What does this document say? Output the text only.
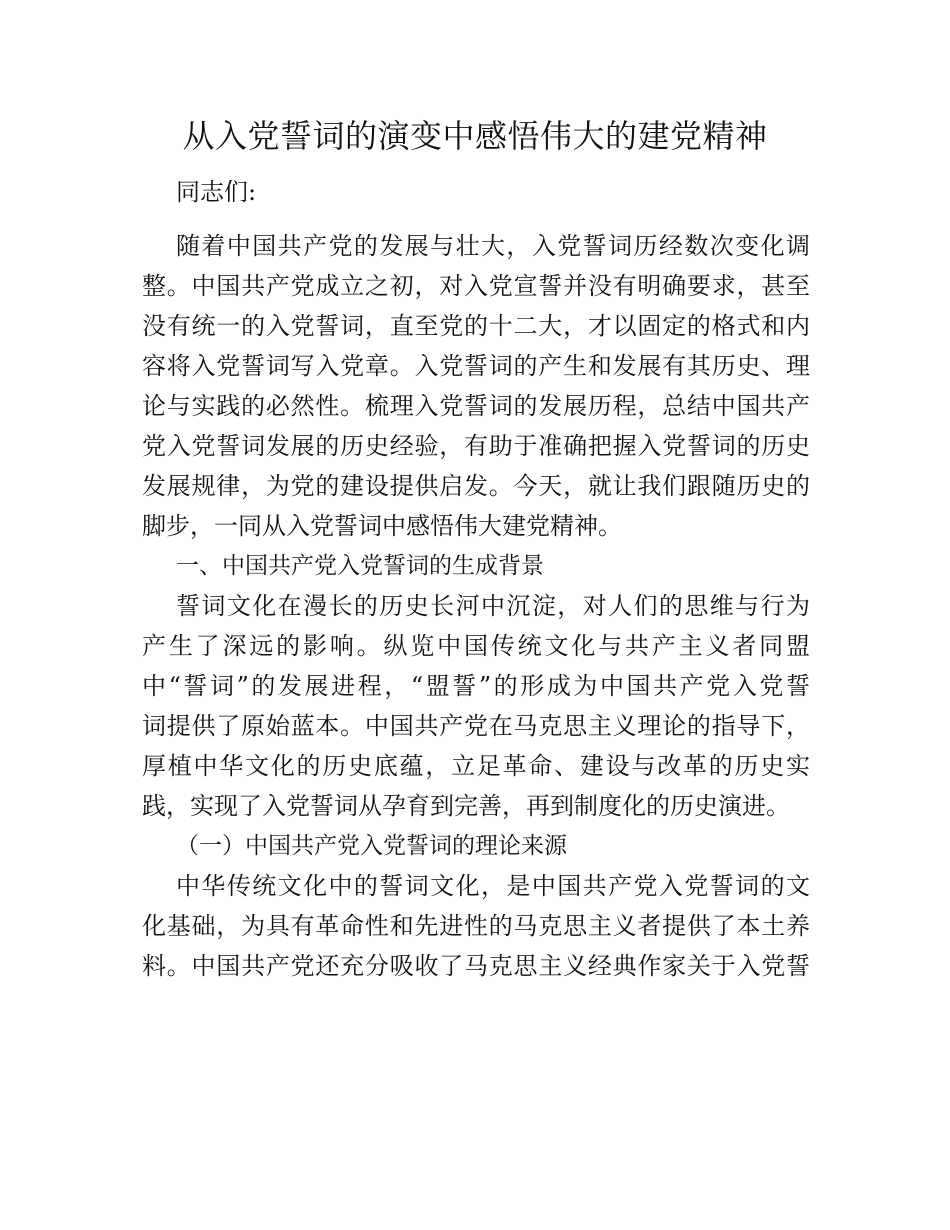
从入党誓词的演变中感悟伟大的建党精神
同志们:
随着中国共产党的发展与壮大，入党誓词历经数次变化调
整。中国共产党成立之初，对入党宣誓并没有明确要求，甚至
没有统一的入党誓词，直至党的十二大，才以固定的格式和内
容将入党誓词写入党章。入党誓词的产生和发展有其历史、理
论与实践的必然性。梳理入党誓词的发展历程，总结中国共产
党入党誓词发展的历史经验，有助于准确把握入党誓词的历史
发展规律，为党的建设提供启发。今天，就让我们跟随历史的
脚步，一同从入党誓词中感悟伟大建党精神。
一、中国共产党入党誓词的生成背景
誓词文化在漫长的历史长河中沉淀，对人们的思维与行为
产生了深远的影响。纵览中国传统文化与共产主义者同盟
中“誓词”的发展进程，“盟誓”的形成为中国共产党入党誓
词提供了原始蓝本。中国共产党在马克思主义理论的指导下，
厚植中华文化的历史底蕴，立足革命、建设与改革的历史实
践，实现了入党誓词从孕育到完善，再到制度化的历史演进。
（一）中国共产党入党誓词的理论来源
中华传统文化中的誓词文化，是中国共产党入党誓词的文
化基础，为具有革命性和先进性的马克思主义者提供了本土养
料。中国共产党还充分吸收了马克思主义经典作家关于入党誓
